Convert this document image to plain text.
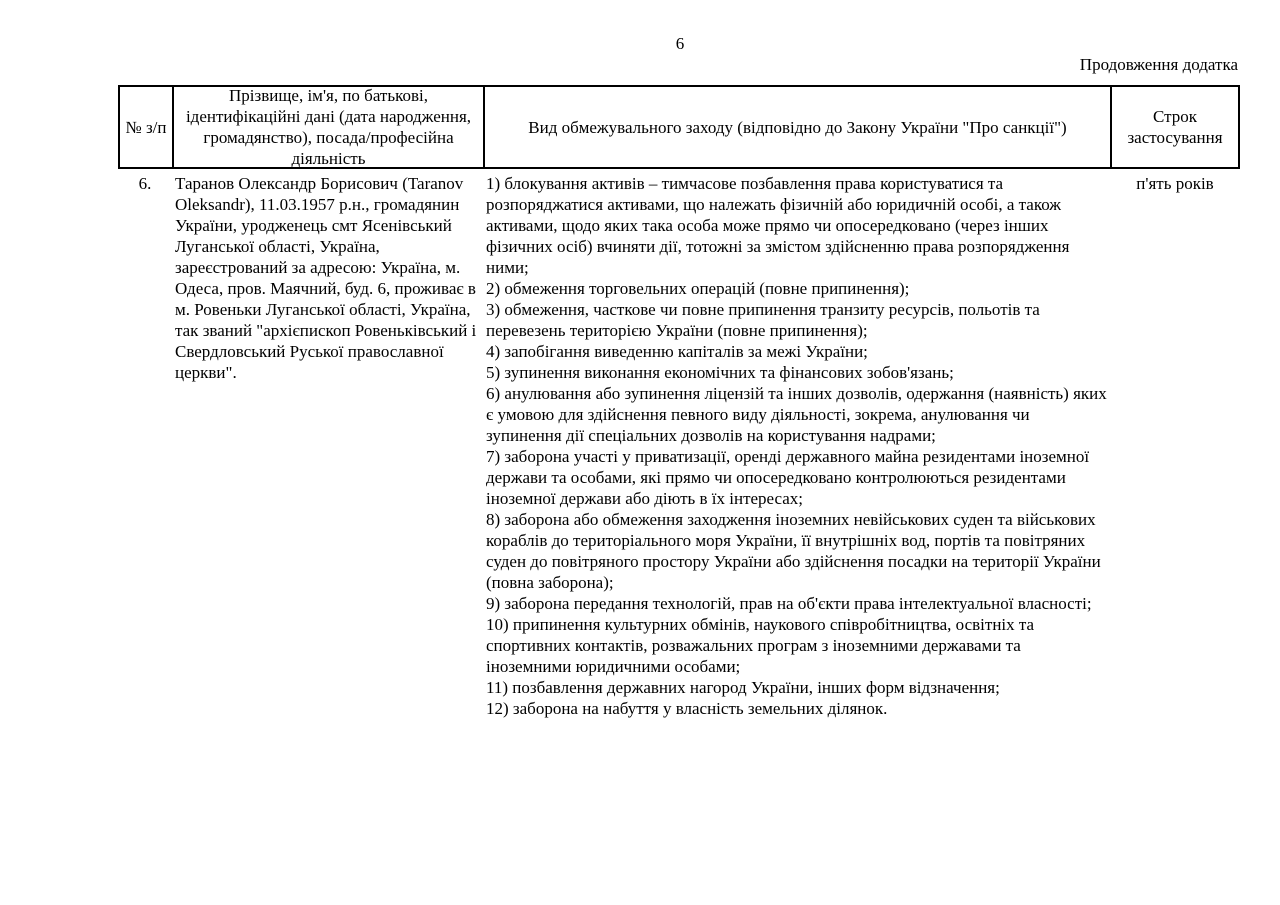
6
Продовження додатка
№ з/п
Прізвище, ім'я, по батькові, ідентифікаційні дані (дата народження, громадянство), посада/професійна діяльність
Вид обмежувального заходу (відповідно до Закону України "Про санкції")
Строк застосування
6.	Таранов Олександр Борисович (Taranov Oleksandr), 11.03.1957 р.н., громадянин України, уродженець смт Ясенівський Луганської області, Україна, зареєстрований за адресою: Україна, м. Одеса, пров. Маячний, буд. 6, проживає в м. Ровеньки Луганської області, Україна, так званий "архієпископ Ровеньківський і Свердловський Руської православної церкви".
1) блокування активів – тимчасове позбавлення права користуватися та розпоряджатися активами, що належать фізичній або юридичній особі, а також активами, щодо яких така особа може прямо чи опосередковано (через інших фізичних осіб) вчиняти дії, тотожні за змістом здійсненню права розпорядження ними;
2) обмеження торговельних операцій (повне припинення);
3) обмеження, часткове чи повне припинення транзиту ресурсів, польотів та перевезень територією України (повне припинення);
4) запобігання виведенню капіталів за межі України;
5) зупинення виконання економічних та фінансових зобов'язань;
6) анулювання або зупинення ліцензій та інших дозволів, одержання (наявність) яких є умовою для здійснення певного виду діяльності, зокрема, анулювання чи зупинення дії спеціальних дозволів на користування надрами;
7) заборона участі у приватизації, оренді державного майна резидентами іноземної держави та особами, які прямо чи опосередковано контролюються резидентами іноземної держави або діють в їх інтересах;
8) заборона або обмеження заходження іноземних невійськових суден та військових кораблів до територіального моря України, її внутрішніх вод, портів та повітряних суден до повітряного простору України або здійснення посадки на території України (повна заборона);
9) заборона передання технологій, прав на об'єкти права інтелектуальної власності;
10) припинення культурних обмінів, наукового співробітництва, освітніх та спортивних контактів, розважальних програм з іноземними державами та іноземними юридичними особами;
11) позбавлення державних нагород України, інших форм відзначення;
12) заборона на набуття у власність земельних ділянок.
п'ять років
